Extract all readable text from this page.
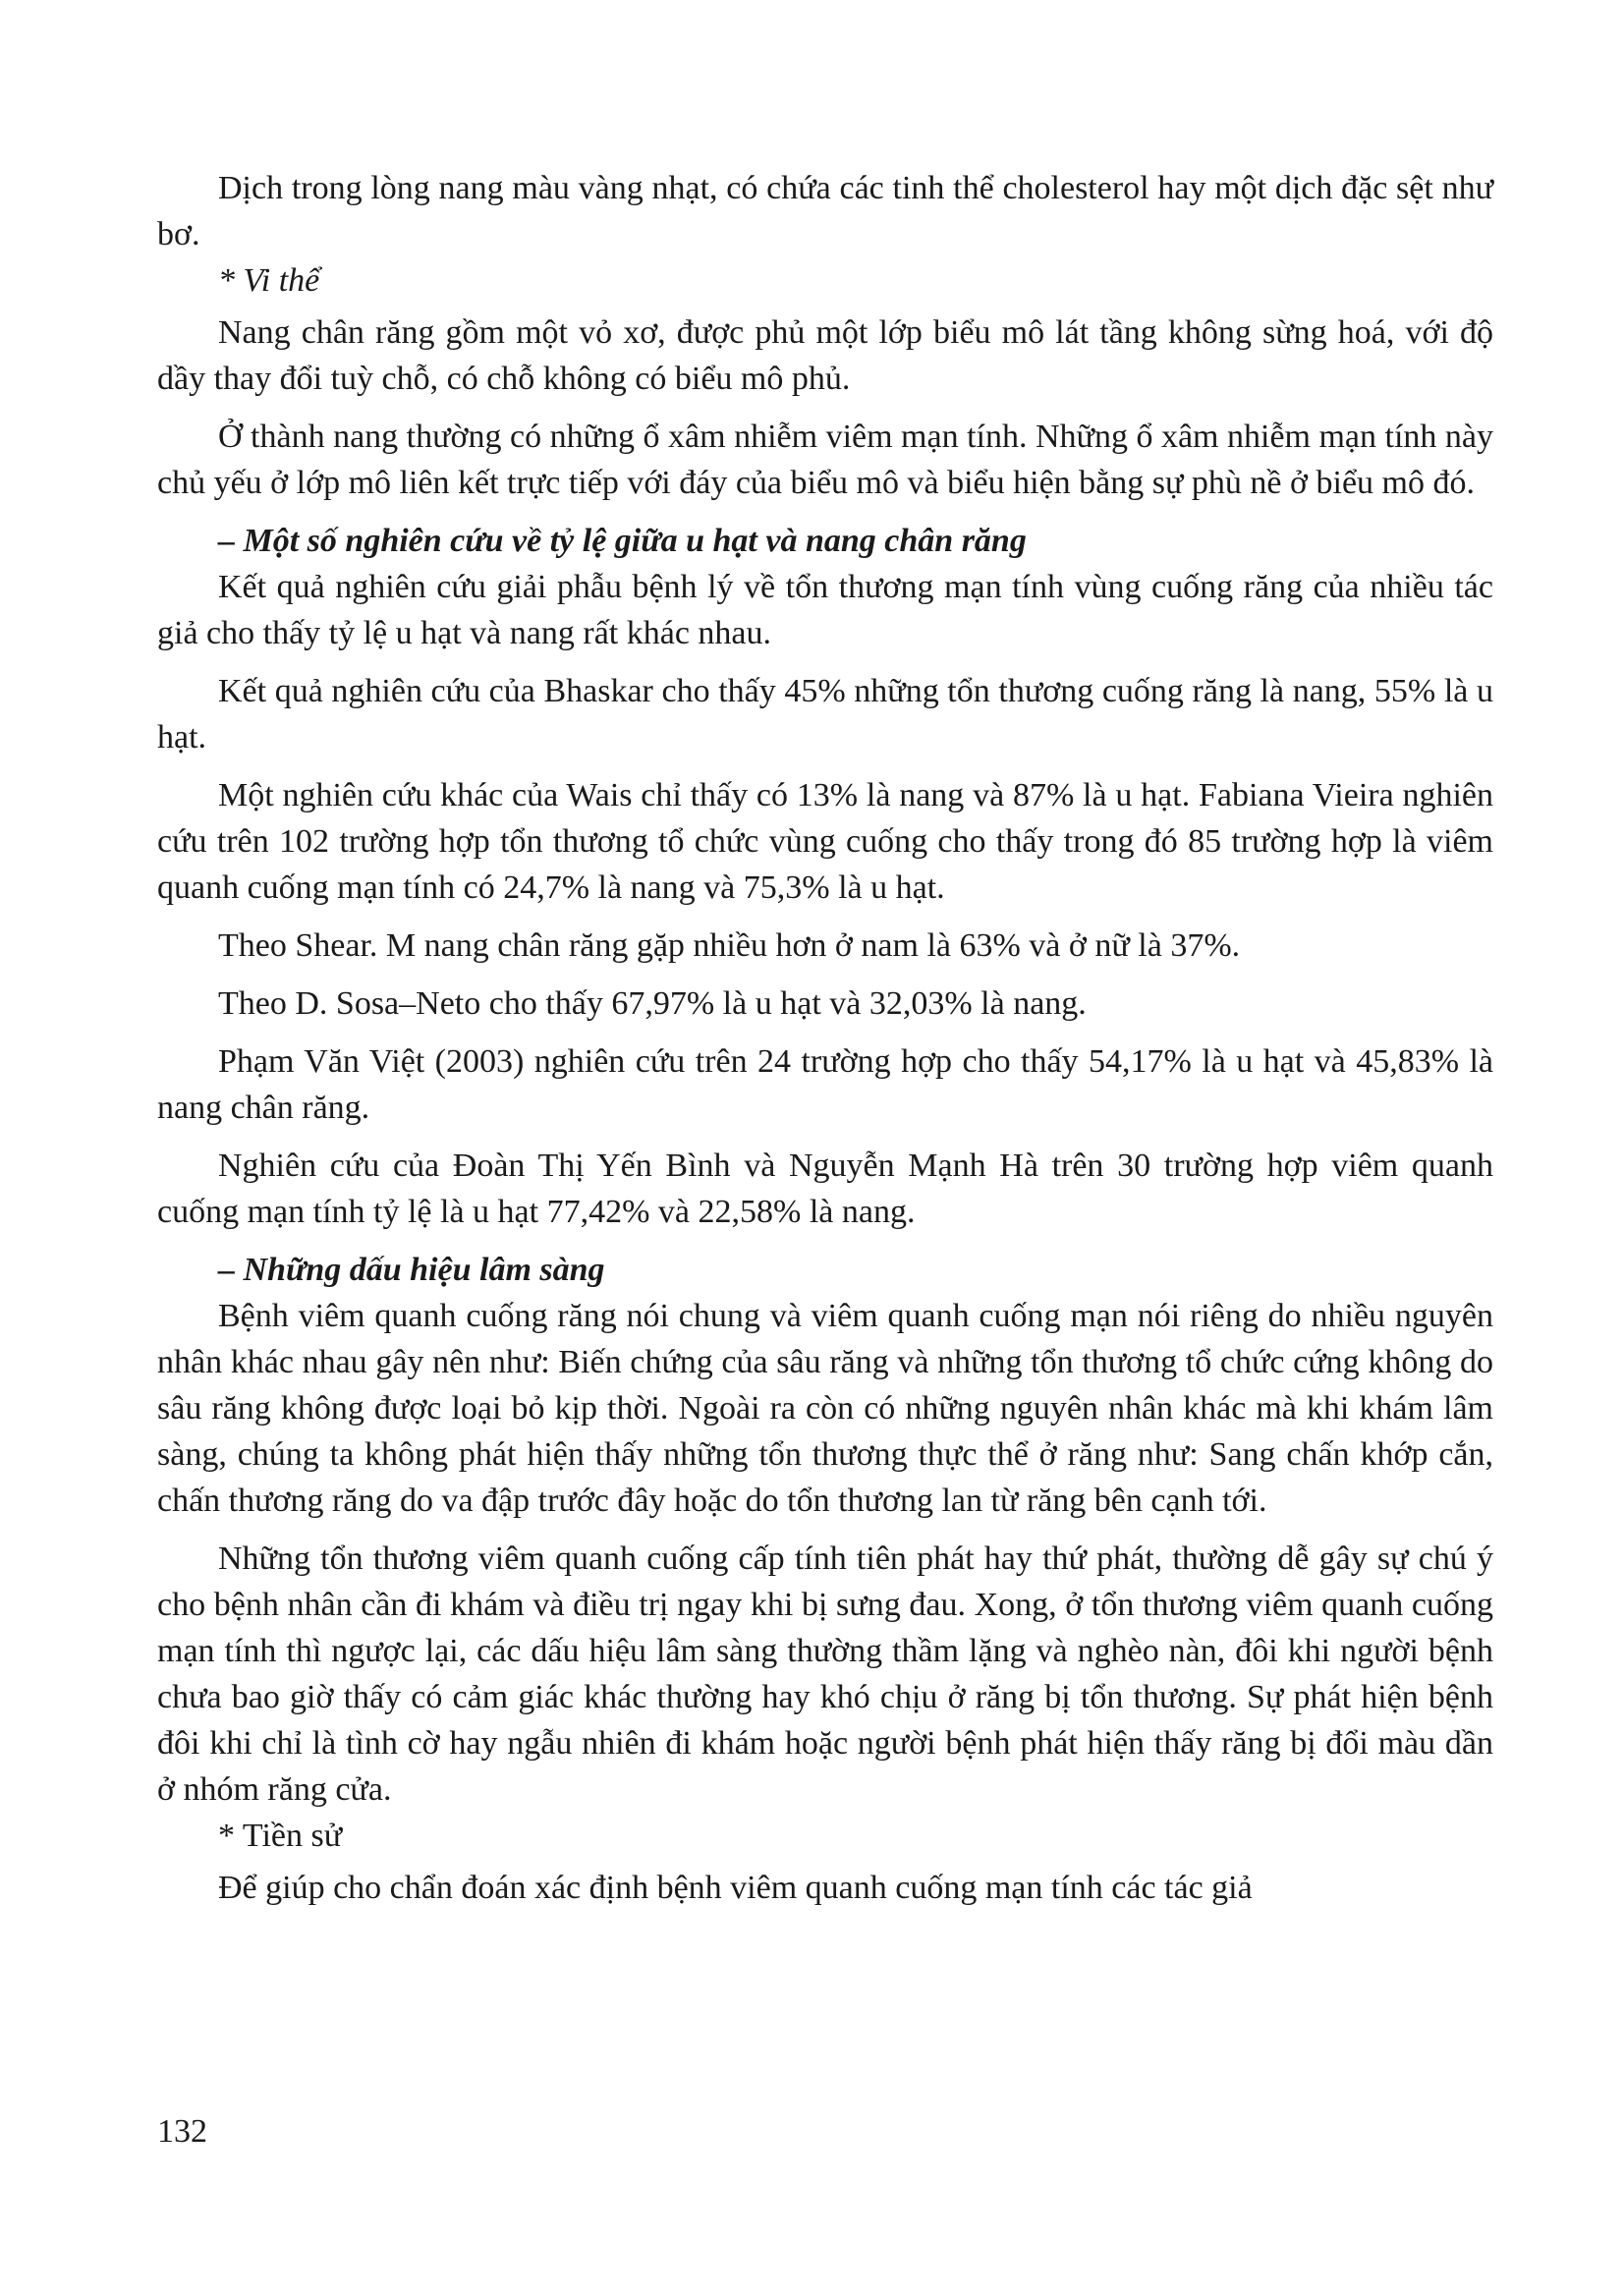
Dịch trong lòng nang màu vàng nhạt, có chứa các tinh thể cholesterol hay một dịch đặc sệt như bơ.

* Vi thể

Nang chân răng gồm một vỏ xơ, được phủ một lớp biểu mô lát tầng không sừng hoá, với độ dầy thay đổi tuỳ chỗ, có chỗ không có biểu mô phủ.

Ở thành nang thường có những ổ xâm nhiễm viêm mạn tính. Những ổ xâm nhiễm mạn tính này chủ yếu ở lớp mô liên kết trực tiếp với đáy của biểu mô và biểu hiện bằng sự phù nề ở biểu mô đó.

– Một số nghiên cứu về tỷ lệ giữa u hạt và nang chân răng

Kết quả nghiên cứu giải phẫu bệnh lý về tổn thương mạn tính vùng cuống răng của nhiều tác giả cho thấy tỷ lệ u hạt và nang rất khác nhau.

Kết quả nghiên cứu của Bhaskar cho thấy 45% những tổn thương cuống răng là nang, 55% là u hạt.

Một nghiên cứu khác của Wais chỉ thấy có 13% là nang và 87% là u hạt. Fabiana Vieira nghiên cứu trên 102 trường hợp tổn thương tổ chức vùng cuống cho thấy trong đó 85 trường hợp là viêm quanh cuống mạn tính có 24,7% là nang và 75,3% là u hạt.

Theo Shear. M nang chân răng gặp nhiều hơn ở nam là 63% và ở nữ là 37%.

Theo D. Sosa–Neto cho thấy 67,97% là u hạt và 32,03% là nang.

Phạm Văn Việt (2003) nghiên cứu trên 24 trường hợp cho thấy 54,17% là u hạt và 45,83% là nang chân răng.

Nghiên cứu của Đoàn Thị Yến Bình và Nguyễn Mạnh Hà trên 30 trường hợp viêm quanh cuống mạn tính tỷ lệ là u hạt 77,42% và 22,58% là nang.

– Những dấu hiệu lâm sàng

Bệnh viêm quanh cuống răng nói chung và viêm quanh cuống mạn nói riêng do nhiều nguyên nhân khác nhau gây nên như: Biến chứng của sâu răng và những tổn thương tổ chức cứng không do sâu răng không được loại bỏ kịp thời. Ngoài ra còn có những nguyên nhân khác mà khi khám lâm sàng, chúng ta không phát hiện thấy những tổn thương thực thể ở răng như: Sang chấn khớp cắn, chấn thương răng do va đập trước đây hoặc do tổn thương lan từ răng bên cạnh tới.

Những tổn thương viêm quanh cuống cấp tính tiên phát hay thứ phát, thường dễ gây sự chú ý cho bệnh nhân cần đi khám và điều trị ngay khi bị sưng đau. Xong, ở tổn thương viêm quanh cuống mạn tính thì ngược lại, các dấu hiệu lâm sàng thường thầm lặng và nghèo nàn, đôi khi người bệnh chưa bao giờ thấy có cảm giác khác thường hay khó chịu ở răng bị tổn thương. Sự phát hiện bệnh đôi khi chỉ là tình cờ hay ngẫu nhiên đi khám hoặc người bệnh phát hiện thấy răng bị đổi màu dần ở nhóm răng cửa.

* Tiền sử

Để giúp cho chẩn đoán xác định bệnh viêm quanh cuống mạn tính các tác giả

132
